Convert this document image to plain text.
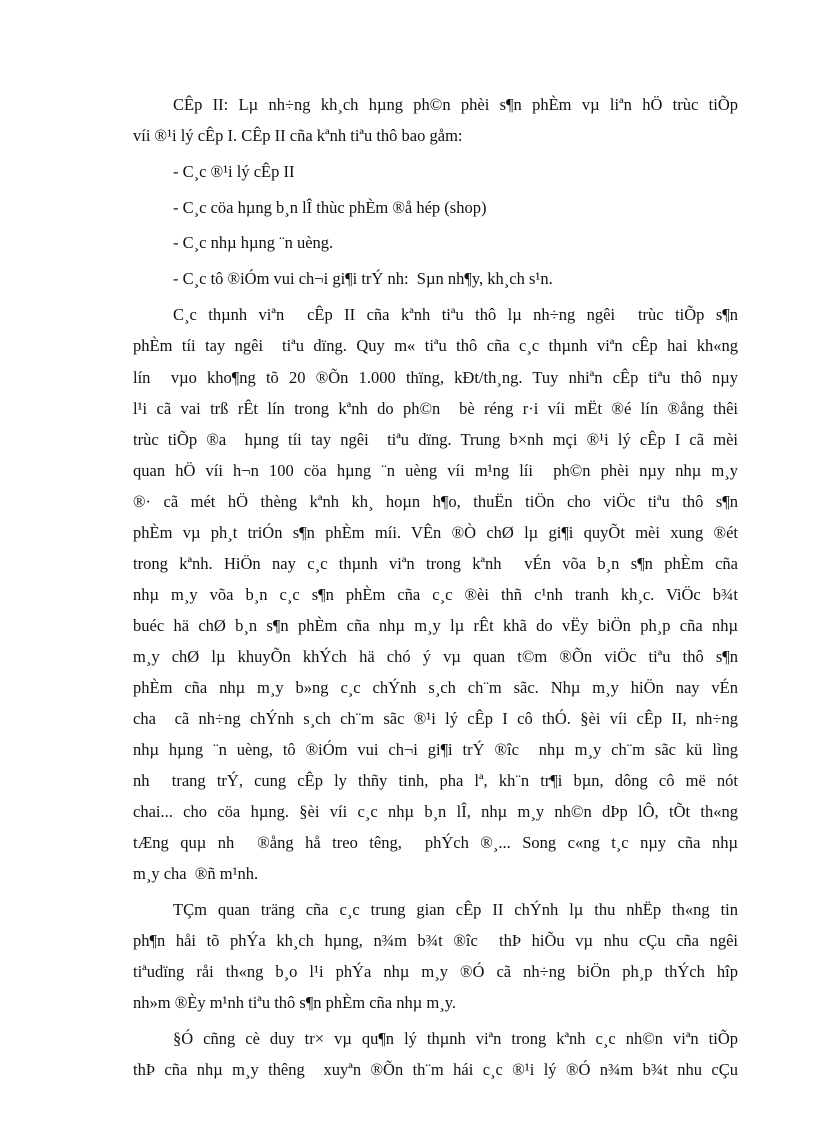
CÊp II: Lµ nh÷ng kh¸ch hµng ph©n phèi s¶n phÈm vµ liªn hÖ trùc tiÕp
víi ®¹i lý cÊp I. CÊp II cña kªnh tiªu thô bao gåm:
- C¸c ®¹i lý cÊp II
- C¸c cöa hµng b¸n lÎ thùc phÈm ®å hép (shop)
- C¸c nhµ hµng ¨n uèng.
- C¸c tô ®iÓm vui ch¬i gi¶i trÝ nh:  Sµn nh¶y, kh¸ch s¹n.
C¸c thµnh viªn  cÊp II cña kªnh tiªu thô lµ nh÷ng ngêi  trùc tiÕp s¶n
phÈm tíi tay ngêi  tiªu dïng. Quy m« tiªu thô cña c¸c thµnh viªn cÊp hai kh«ng
lín  vµo kho¶ng tõ 20 ®Õn 1.000 thïng, kÐt/th¸ng. Tuy nhiªn cÊp tiªu thô nµy
l¹i cã vai trß rÊt lín trong kªnh do ph©n  bè réng r·i víi mËt ®é lín ®ång thêi
trùc tiÕp ®a  hµng tíi tay ngêi  tiªu dïng. Trung b×nh mçi ®¹i lý cÊp I cã mèi
quan hÖ víi h¬n 100 cöa hµng ¨n uèng víi m¹ng líi  ph©n phèi nµy nhµ m¸y
®· cã mét hÖ thèng kªnh kh¸ hoµn h¶o, thuËn tiÖn cho viÖc tiªu thô s¶n
phÈm vµ ph¸t triÓn s¶n phÈm míi. VÊn ®Ò chØ lµ gi¶i quyÕt mèi xung ®ét
trong kªnh. HiÖn nay c¸c thµnh viªn trong kªnh  vÉn võa b¸n s¶n phÈm cña
nhµ m¸y võa b¸n c¸c s¶n phÈm cña c¸c ®èi thñ c¹nh tranh kh¸c. ViÖc b¾t
buéc hä chØ b¸n s¶n phÈm cña nhµ m¸y lµ rÊt khã do vËy biÖn ph¸p cña nhµ
m¸y chØ lµ khuyÕn khÝch hä chó ý vµ quan t©m ®Õn viÖc tiªu thô s¶n
phÈm cña nhµ m¸y b»ng c¸c chÝnh s¸ch ch¨m sãc. Nhµ m¸y hiÖn nay vÉn
cha  cã nh÷ng chÝnh s¸ch ch¨m sãc ®¹i lý cÊp I cô thÓ. §èi víi cÊp II, nh÷ng
nhµ hµng ¨n uèng, tô ®iÓm vui ch¬i gi¶i trÝ ®îc  nhµ m¸y ch¨m sãc kü lìng
nh  trang trÝ, cung cÊp ly thñy tinh, pha lª, kh¨n tr¶i bµn, dông cô më nót
chai... cho cöa hµng. §èi víi c¸c nhµ b¸n lÎ, nhµ m¸y nh©n dÞp lÔ, tÕt th«ng
tÆng quµ nh  ®ång hå treo têng,  phÝch ®¸... Song c«ng t¸c nµy cña nhµ
m¸y cha  ®ñ m¹nh.
TÇm quan träng cña c¸c trung gian cÊp II chÝnh lµ thu nhËp th«ng tin
ph¶n håi tõ phÝa kh¸ch hµng, n¾m b¾t ®îc  thÞ hiÕu vµ nhu cÇu cña ngêi
tiªudïng råi th«ng b¸o l¹i phÝa nhµ m¸y ®Ó cã nh÷ng biÖn ph¸p thÝch hîp
nh»m ®Èy m¹nh tiªu thô s¶n phÈm cña nhµ m¸y.
§Ó cñng cè duy tr× vµ qu¶n lý thµnh viªn trong kªnh c¸c nh©n viªn tiÕp
thÞ cña nhµ m¸y thêng  xuyªn ®Õn th¨m hái c¸c ®¹i lý ®Ó n¾m b¾t nhu cÇu
